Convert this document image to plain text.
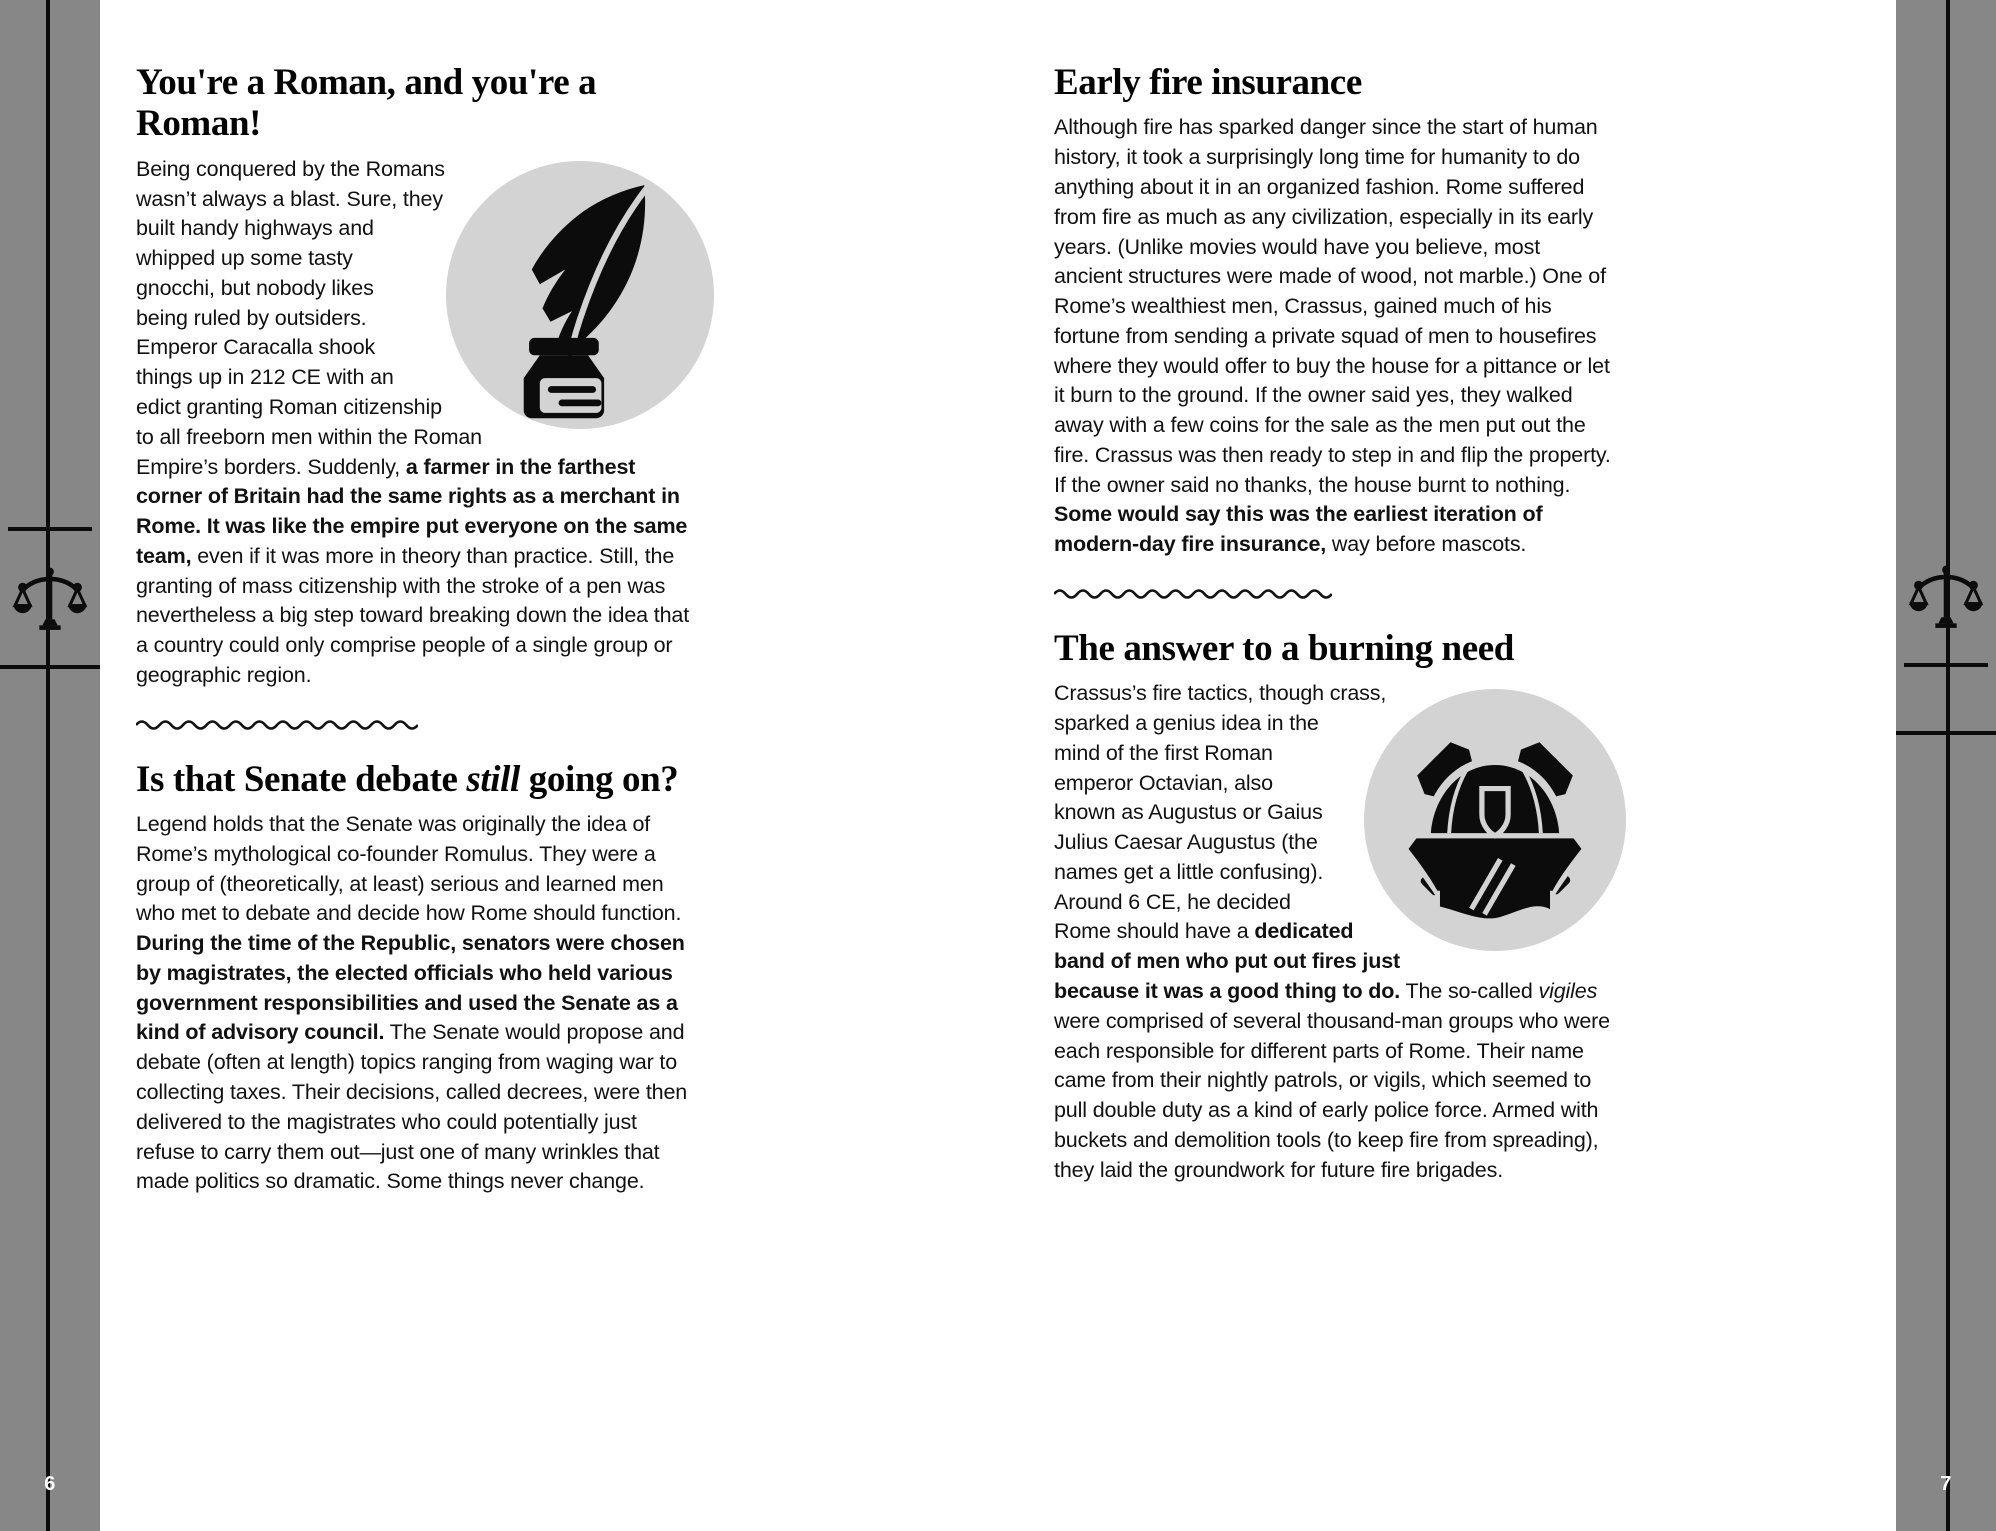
6	7
You're a Roman, and you're a Roman!

Being conquered by the Romans wasn’t always a blast. Sure, they built handy highways and whipped up some tasty gnocchi, but nobody likes being ruled by outsiders. Emperor Caracalla shook things up in 212 CE with an edict granting Roman citizenship to all freeborn men within the Roman Empire’s borders. Suddenly, a farmer in the farthest corner of Britain had the same rights as a merchant in Rome. It was like the empire put everyone on the same team, even if it was more in theory than practice. Still, the granting of mass citizenship with the stroke of a pen was nevertheless a big step toward breaking down the idea that a country could only comprise people of a single group or geographic region.

Is that Senate debate still going on?

Legend holds that the Senate was originally the idea of Rome’s mythological co-founder Romulus. They were a group of (theoretically, at least) serious and learned men who met to debate and decide how Rome should function. During the time of the Republic, senators were chosen by magistrates, the elected officials who held various government responsibilities and used the Senate as a kind of advisory council. The Senate would propose and debate (often at length) topics ranging from waging war to collecting taxes. Their decisions, called decrees, were then delivered to the magistrates who could potentially just refuse to carry them out—just one of many wrinkles that made politics so dramatic. Some things never change.

Early fire insurance

Although fire has sparked danger since the start of human history, it took a surprisingly long time for humanity to do anything about it in an organized fashion. Rome suffered from fire as much as any civilization, especially in its early years. (Unlike movies would have you believe, most ancient structures were made of wood, not marble.) One of Rome’s wealthiest men, Crassus, gained much of his fortune from sending a private squad of men to housefires where they would offer to buy the house for a pittance or let it burn to the ground. If the owner said yes, they walked away with a few coins for the sale as the men put out the fire. Crassus was then ready to step in and flip the property. If the owner said no thanks, the house burnt to nothing. Some would say this was the earliest iteration of modern-day fire insurance, way before mascots.

The answer to a burning need

Crassus’s fire tactics, though crass, sparked a genius idea in the mind of the first Roman emperor Octavian, also known as Augustus or Gaius Julius Caesar Augustus (the names get a little confusing). Around 6 CE, he decided Rome should have a dedicated band of men who put out fires just because it was a good thing to do. The so-called vigiles were comprised of several thousand-man groups who were each responsible for different parts of Rome. Their name came from their nightly patrols, or vigils, which seemed to pull double duty as a kind of early police force. Armed with buckets and demolition tools (to keep fire from spreading), they laid the groundwork for future fire brigades.
